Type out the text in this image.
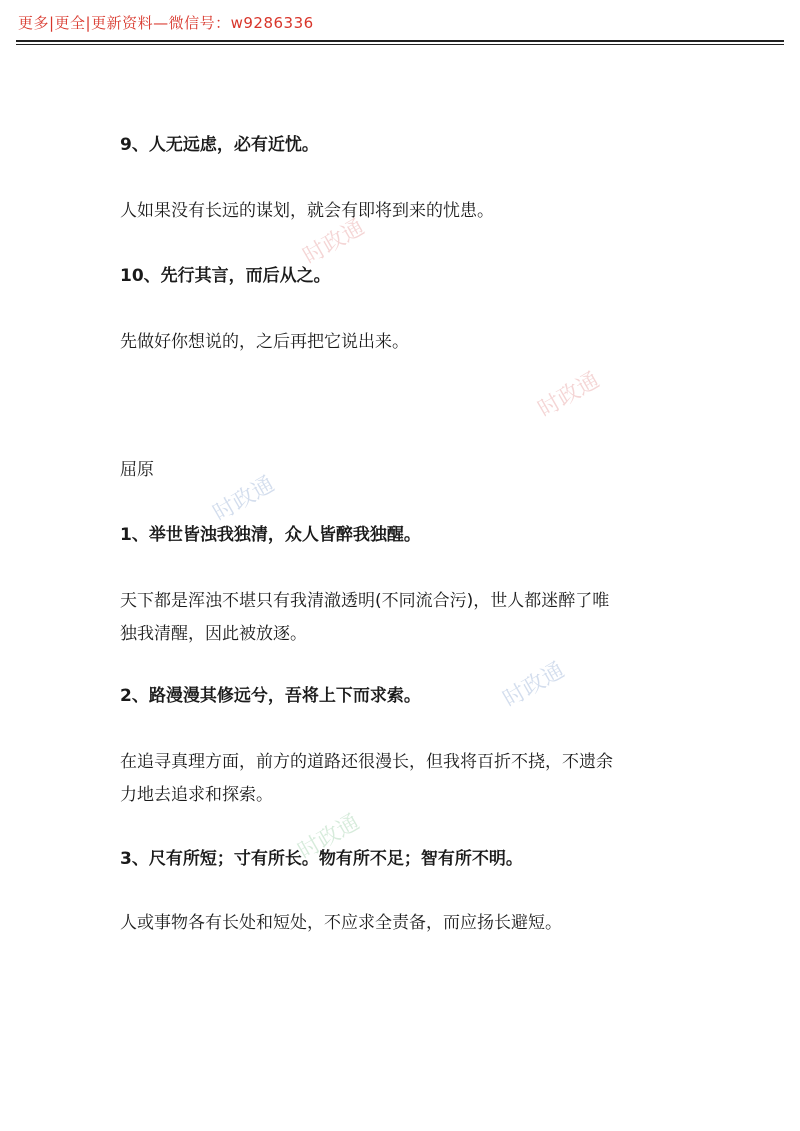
更多|更全|更新资料—微信号：w9286336
9、人无远虑，必有近忧。
人如果没有长远的谋划，就会有即将到来的忧患。
10、先行其言，而后从之。
先做好你想说的，之后再把它说出来。
屈原
1、举世皆浊我独清，众人皆醉我独醒。
天下都是浑浊不堪只有我清澈透明(不同流合污)，世人都迷醉了唯
独我清醒，因此被放逐。
2、路漫漫其修远兮，吾将上下而求索。
在追寻真理方面，前方的道路还很漫长，但我将百折不挠，不遗余
力地去追求和探索。
3、尺有所短；寸有所长。物有所不足；智有所不明。
人或事物各有长处和短处，不应求全责备，而应扬长避短。
时政通
时政通
时政通
时政通
时政通
